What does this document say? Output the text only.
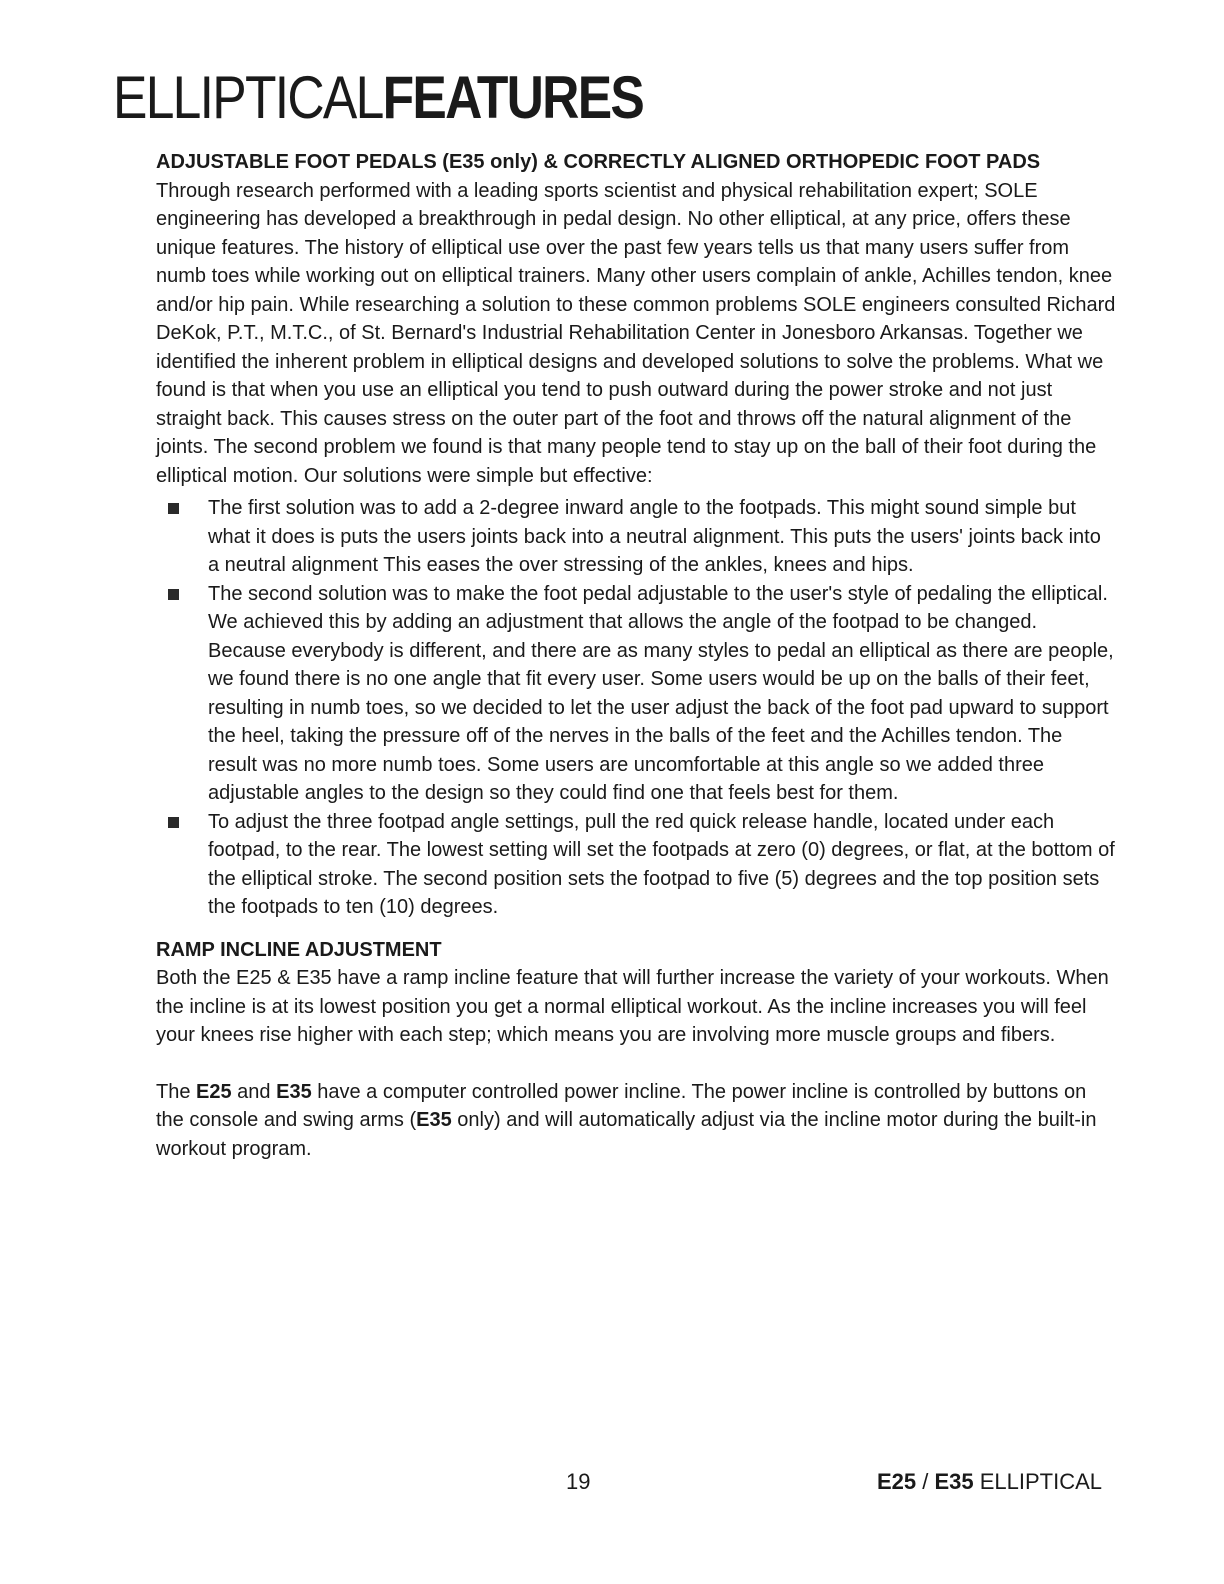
ELLIPTICALFEATURES
ADJUSTABLE FOOT PEDALS (E35 only) & CORRECTLY ALIGNED ORTHOPEDIC FOOT PADS

Through research performed with a leading sports scientist and physical rehabilitation expert; SOLE engineering has developed a breakthrough in pedal design. No other elliptical, at any price, offers these unique features. The history of elliptical use over the past few years tells us that many users suffer from numb toes while working out on elliptical trainers. Many other users complain of ankle, Achilles tendon, knee and/or hip pain. While researching a solution to these common problems SOLE engineers consulted Richard DeKok, P.T., M.T.C., of St. Bernard's Industrial Rehabilitation Center in Jonesboro Arkansas. Together we identified the inherent problem in elliptical designs and developed solutions to solve the problems. What we found is that when you use an elliptical you tend to push outward during the power stroke and not just straight back. This causes stress on the outer part of the foot and throws off the natural alignment of the joints. The second problem we found is that many people tend to stay up on the ball of their foot during the elliptical motion. Our solutions were simple but effective:

The first solution was to add a 2-degree inward angle to the footpads. This might sound simple but what it does is puts the users joints back into a neutral alignment. This puts the users' joints back into a neutral alignment This eases the over stressing of the ankles, knees and hips.
The second solution was to make the foot pedal adjustable to the user's style of pedaling the elliptical. We achieved this by adding an adjustment that allows the angle of the footpad to be changed. Because everybody is different, and there are as many styles to pedal an elliptical as there are people, we found there is no one angle that fit every user. Some users would be up on the balls of their feet, resulting in numb toes, so we decided to let the user adjust the back of the foot pad upward to support the heel, taking the pressure off of the nerves in the balls of the feet and the Achilles tendon. The result was no more numb toes. Some users are uncomfortable at this angle so we added three adjustable angles to the design so they could find one that feels best for them.
To adjust the three footpad angle settings, pull the red quick release handle, located under each footpad, to the rear. The lowest setting will set the footpads at zero (0) degrees, or flat, at the bottom of the elliptical stroke. The second position sets the footpad to five (5) degrees and the top position sets the footpads to ten (10) degrees.
RAMP INCLINE ADJUSTMENT

Both the E25 & E35 have a ramp incline feature that will further increase the variety of your workouts. When the incline is at its lowest position you get a normal elliptical workout. As the incline increases you will feel your knees rise higher with each step; which means you are involving more muscle groups and fibers.

The E25 and E35 have a computer controlled power incline. The power incline is controlled by buttons on the console and swing arms (E35 only) and will automatically adjust via the incline motor during the built-in workout program.

19	E25 / E35 ELLIPTICAL
